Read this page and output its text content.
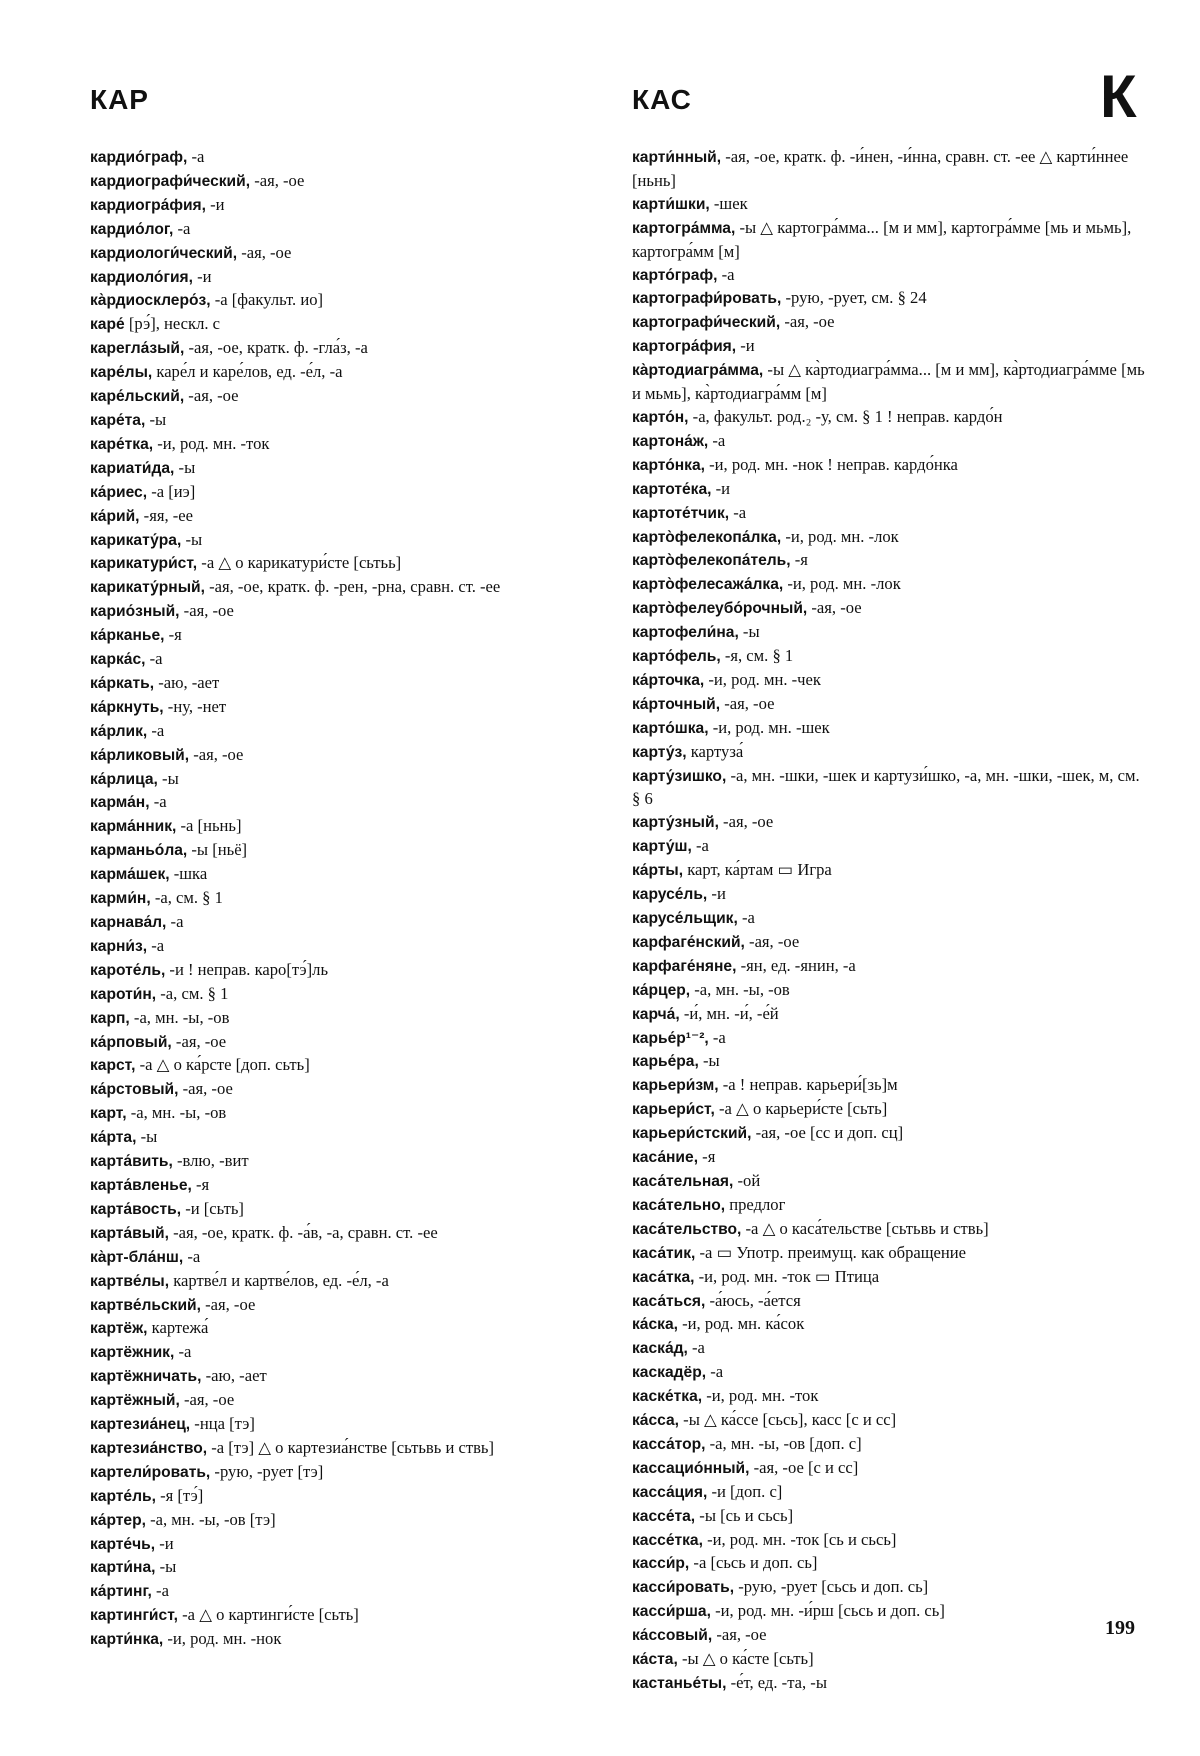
КАР	КАС	К

кардио́граф, -а

кардиографи́ческий, -ая, -ое

кардиогра́фия, -и

кардио́лог, -а

кардиологи́ческий, -ая, -ое

кардиоло́гия, -и

ка̀рдиосклеро́з, -а [факульт. ио]

каре́ [рэ́], нескл. с

карегла́зый, -ая, -ое, кратк. ф. -гла́з, -а

каре́лы, каре́л и каре́лов, ед. -е́л, -а

каре́льский, -ая, -ое

каре́та, -ы

каре́тка, -и, род. мн. -ток

кариати́да, -ы

ка́риес, -а [иэ]

ка́рий, -яя, -ее

карикату́ра, -ы

карикатури́ст, -а △ о карикатури́сте [сьтьь]

карикату́рный, -ая, -ое, кратк. ф. -рен, -рна, сравн. ст. -ее

карио́зный, -ая, -ое

ка́рканье, -я

карка́с, -а

ка́ркать, -аю, -ает

ка́ркнуть, -ну, -нет

ка́рлик, -а

ка́рликовый, -ая, -ое

ка́рлица, -ы

карма́н, -а

карма́нник, -а [ньнь]

карманьо́ла, -ы [ньё]

карма́шек, -шка

карми́н, -а, см. § 1

карнава́л, -а

карни́з, -а

кароте́ль, -и ! неправ. каро[тэ́]ль

кароти́н, -а, см. § 1

карп, -а, мн. -ы, -ов

ка́рповый, -ая, -ое

карст, -а △ о ка́рсте [доп. сьть]

ка́рстовый, -ая, -ое

карт, -а, мн. -ы, -ов

ка́рта, -ы

карта́вить, -влю, -вит

карта́вленье, -я

карта́вость, -и [сьть]

карта́вый, -ая, -ое, кратк. ф. -а́в, -а, сравн. ст. -ее

ка̀рт-бла́нш, -а

картве́лы, картве́л и картве́лов, ед. -е́л, -а

картве́льский, -ая, -ое

картёж, картежа́

картёжник, -а

картёжничать, -аю, -ает

картёжный, -ая, -ое

картезиа́нец, -нца [тэ]

картезиа́нство, -а [тэ] △ о картезиа́нстве [сьтьвь и ствь]

картели́ровать, -рую, -рует [тэ]

карте́ль, -я [тэ́]

ка́ртер, -а, мн. -ы, -ов [тэ]

карте́чь, -и

карти́на, -ы

ка́ртинг, -а

картинги́ст, -а △ о картинги́сте [сьть]

карти́нка, -и, род. мн. -нок

карти́нный, -ая, -ое, кратк. ф. -и́нен, -и́нна, сравн. ст. -ее △ карти́ннее [ньнь]

карти́шки, -шек

картогра́мма, -ы △ картогра́мма... [м и мм], картогра́мме [мь и мьмь], картогра́мм [м]

карто́граф, -а

картографи́ровать, -рую, -рует, см. § 24

картографи́ческий, -ая, -ое

картогра́фия, -и

ка̀ртодиагра́мма, -ы △ ка̀ртодиагра́мма... [м и мм], ка̀ртодиагра́мме [мь и мьмь], ка̀ртодиагра́мм [м]

карто́н, -а, факульт. род.₂ -у, см. § 1 ! неправ. кардо́н

картона́ж, -а

карто́нка, -и, род. мн. -нок ! неправ. кардо́нка

картоте́ка, -и

картоте́тчик, -а

карто̀фелекопа́лка, -и, род. мн. -лок

карто̀фелекопа́тель, -я

карто̀фелесажа́лка, -и, род. мн. -лок

карто̀фелеубо́рочный, -ая, -ое

картофели́на, -ы

карто́фель, -я, см. § 1

ка́рточка, -и, род. мн. -чек

ка́рточный, -ая, -ое

карто́шка, -и, род. мн. -шек

карту́з, картуза́

карту́зишко, -а, мн. -шки, -шек и картузи́шко, -а, мн. -шки, -шек, м, см. § 6

карту́зный, -ая, -ое

карту́ш, -а

ка́рты, карт, ка́ртам ▭ Игра

карусе́ль, -и

карусе́льщик, -а

карфаге́нский, -ая, -ое

карфаге́няне, -ян, ед. -янин, -а

ка́рцер, -а, мн. -ы, -ов

карча́, -и́, мн. -и́, -е́й

карье́р¹⁻², -а

карье́ра, -ы

карьери́зм, -а ! неправ. карьери́[зь]м

карьери́ст, -а △ о карьери́сте [сьть]

карьери́стский, -ая, -ое [сс и доп. сц]

каса́ние, -я

каса́тельная, -ой

каса́тельно, предлог

каса́тельство, -а △ о каса́тельстве [сьтьвь и ствь]

каса́тик, -а ▭ Употр. преимущ. как обращение

каса́тка, -и, род. мн. -ток ▭ Птица

каса́ться, -а́юсь, -а́ется

ка́ска, -и, род. мн. ка́сок

каска́д, -а

каскадёр, -а

каске́тка, -и, род. мн. -ток

ка́сса, -ы △ ка́ссе [сьсь], касс [с и сс]

касса́тор, -а, мн. -ы, -ов [доп. с]

кассацио́нный, -ая, -ое [с и сс]

касса́ция, -и [доп. с]

кассе́та, -ы [сь и сьсь]

кассе́тка, -и, род. мн. -ток [сь и сьсь]

касси́р, -а [сьсь и доп. сь]

касси́ровать, -рую, -рует [сьсь и доп. сь]

касси́рша, -и, род. мн. -и́рш [сьсь и доп. сь]

ка́ссовый, -ая, -ое

ка́ста, -ы △ о ка́сте [сьть]

кастанье́ты, -е́т, ед. -та, -ы

199
